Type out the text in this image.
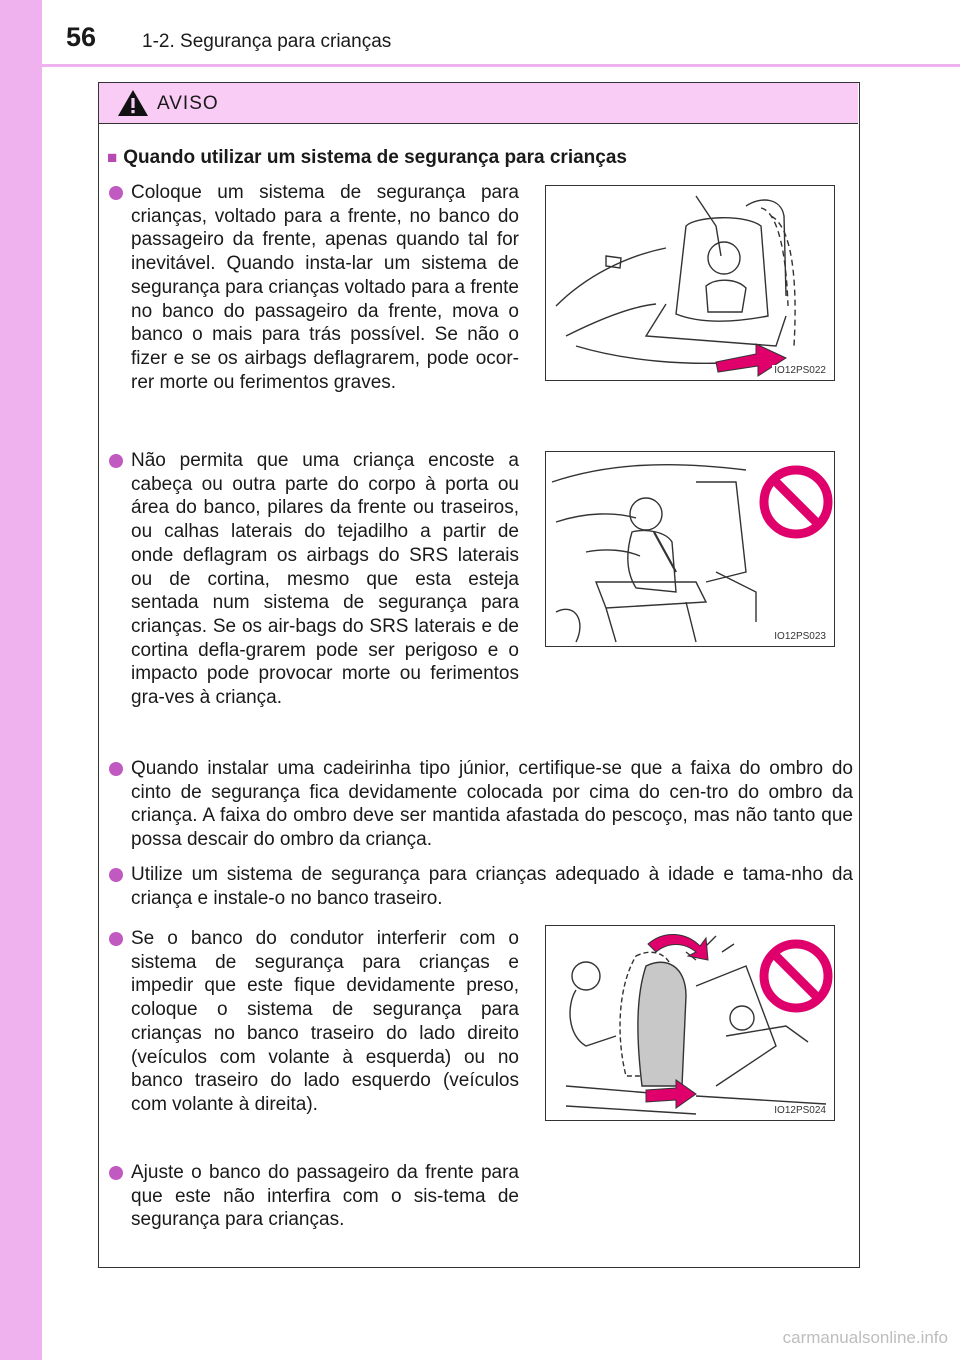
56 1-2. Segurança para crianças
AVISO
■ Quando utilizar um sistema de segurança para crianças
Coloque um sistema de segurança para crianças, voltado para a frente, no banco do passageiro da frente, apenas quando tal for inevitável. Quando insta-lar um sistema de segurança para crianças voltado para a frente no banco do passageiro da frente, mova o banco o mais para trás possível. Se não o fizer e se os airbags deflagrarem, pode ocor-rer morte ou ferimentos graves.
IO12PS022
Não permita que uma criança encoste a cabeça ou outra parte do corpo à porta ou área do banco, pilares da frente ou traseiros, ou calhas laterais do tejadilho a partir de onde deflagram os airbags do SRS laterais ou de cortina, mesmo que esta esteja sentada num sistema de segurança para crianças. Se os air-bags do SRS laterais e de cortina defla-grarem pode ser perigoso e o impacto pode provocar morte ou ferimentos gra-ves à criança.
IO12PS023
Quando instalar uma cadeirinha tipo júnior, certifique-se que a faixa do ombro do cinto de segurança fica devidamente colocada por cima do cen-tro do ombro da criança. A faixa do ombro deve ser mantida afastada do pescoço, mas não tanto que possa descair do ombro da criança.
Utilize um sistema de segurança para crianças adequado à idade e tama-nho da criança e instale-o no banco traseiro.
Se o banco do condutor interferir com o sistema de segurança para crianças e impedir que este fique devidamente preso, coloque o sistema de segurança para crianças no banco traseiro do lado direito (veículos com volante à esquerda) ou no banco traseiro do lado esquerdo (veículos com volante à direita).	IO12PS024
Ajuste o banco do passageiro da frente para que este não interfira com o sis-tema de segurança para crianças.
carmanualsonline.info
